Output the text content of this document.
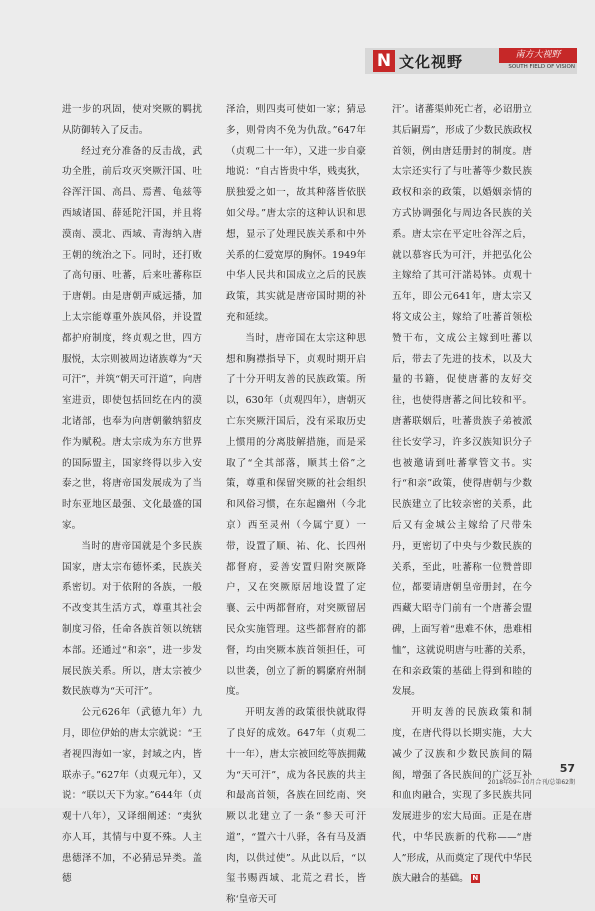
N 文化视野	南方大视野
SOUTH FIELD OF VISION

进一步的巩固，使对突厥的羁扰从防御转入了反击。

经过充分准备的反击战，武功全胜，前后攻灭突厥汗国、吐谷浑汗国、高昌、焉耆、龟兹等西域诸国、薛延陀汗国，并且将漠南、漠北、西域、青海纳入唐王朝的统治之下。同时，还打败了高句丽、吐蕃，后来吐蕃称臣于唐朝。由是唐朝声威远播，加上太宗能尊重外族风俗，并设置都护府制度，终贞观之世，四方服悦，太宗则被周边诸族尊为“天可汗”，并筑“朝天可汗道”，向唐室进贡，即使包括回纥在内的漠北诸部，也奉为向唐朝徽纳貂皮作为赋税。唐太宗成为东方世界的国际盟主，国家终得以步入安泰之世，将唐帝国发展成为了当时东亚地区最强、文化最盛的国家。

当时的唐帝国就是个多民族国家，唐太宗布德怀柔，民族关系密切。对于依附的各族，一般不改变其生活方式，尊重其社会制度习俗，任命各族首领以统辖本部。还通过“和亲”，进一步发展民族关系。所以，唐太宗被少数民族尊为“天可汗”。

公元626年（武德九年）九月，即位伊始的唐太宗就说：“王者视四海如一家，封域之内，皆联赤子。”627年（贞观元年），又说：“联以天下为家。”644年（贞观十八年），又译细阐述：“夷狄亦人耳，其情与中夏不殊。人主患德泽不加，不必猜忌异类。盖德

泽洽，则四夷可使如一家；猜忌多，则骨肉不免为仇敌。”647年（贞观二十一年），又进一步自豪地说：“自古皆贵中华，贱夷狄，朕独爱之如一，故其种落皆依朕如父母。”唐太宗的这种认识和思想，显示了处理民族关系和中外关系的仁爱宽厚的胸怀。1949年中华人民共和国成立之后的民族政策，其实就是唐帝国时期的补充和延续。

当时，唐帝国在太宗这种思想和胸襟指导下，贞观时期开启了十分开明友善的民族政策。所以，630年（贞观四年），唐朝灭亡东突厥汗国后，没有采取历史上惯用的分离肢解措施，而是采取了“全其部落，顺其土俗”之策，尊重和保留突厥的社会组织和风俗习惯，在东起幽州（今北京）西至灵州（今属宁夏）一带，设置了顺、祐、化、长四州都督府，妥善安置归附突厥降户，又在突厥原居地设置了定襄、云中两都督府，对突厥留居民众实施管理。这些都督府的都督，均由突厥本族首领担任，可以世袭，创立了新的羁縻府州制度。

开明友善的政策很快就取得了良好的成效。647年（贞观二十一年），唐太宗被回纥等族拥戴为“天可汗”，成为各民族的共主和最高首领，各族在回纥南、突厥以北建立了一条“参天可汗道”，“置六十八驿，各有马及酒肉，以供过使”。从此以后，“以玺书赐西域、北荒之君长，皆称‘皇帝天可

汗’。诸蕃渠帅死亡者，必诏册立其后嗣焉”，形成了少数民族政权首领，例由唐廷册封的制度。唐太宗还实行了与吐蕃等少数民族政权和亲的政策，以婚姻亲情的方式协调强化与周边各民族的关系。唐太宗在平定吐谷浑之后，就以慕容氏为可汗，并把弘化公主嫁给了其可汗諾曷钵。贞观十五年，即公元641年，唐太宗又将文成公主，嫁给了吐蕃首领松赞干布，文成公主嫁到吐蕃以后，带去了先进的技术，以及大量的书籍，促使唐蕃的友好交往，也使得唐蕃之间比较和平。唐蕃联姻后，吐蕃贵族子弟被派往长安学习，许多汉族知识分子也被邀请到吐蕃掌管文书。实行“和亲”政策，使得唐朝与少数民族建立了比较亲密的关系，此后又有金城公主嫁给了尺带朱丹，更密切了中央与少数民族的关系，至此，吐蕃称一位赞普即位，都要请唐朝皇帝册封，在今西藏大昭寺门前有一个唐蕃会盟碑，上面写着“患难不休，患难相恤”，这就说明唐与吐蕃的关系，在和亲政策的基础上得到和睦的发展。

开明友善的民族政策和制度，在唐代得以长期实施，大大减少了汉族和少数民族间的隔阂，增强了各民族间的广泛互补和血肉融合，实现了多民族共同发展进步的宏大局面。正是在唐代，中华民族新的代称——“唐人”形成，从而奠定了现代中华民族大融合的基础。 N

57
2018年09~10月合刊/总第62期
